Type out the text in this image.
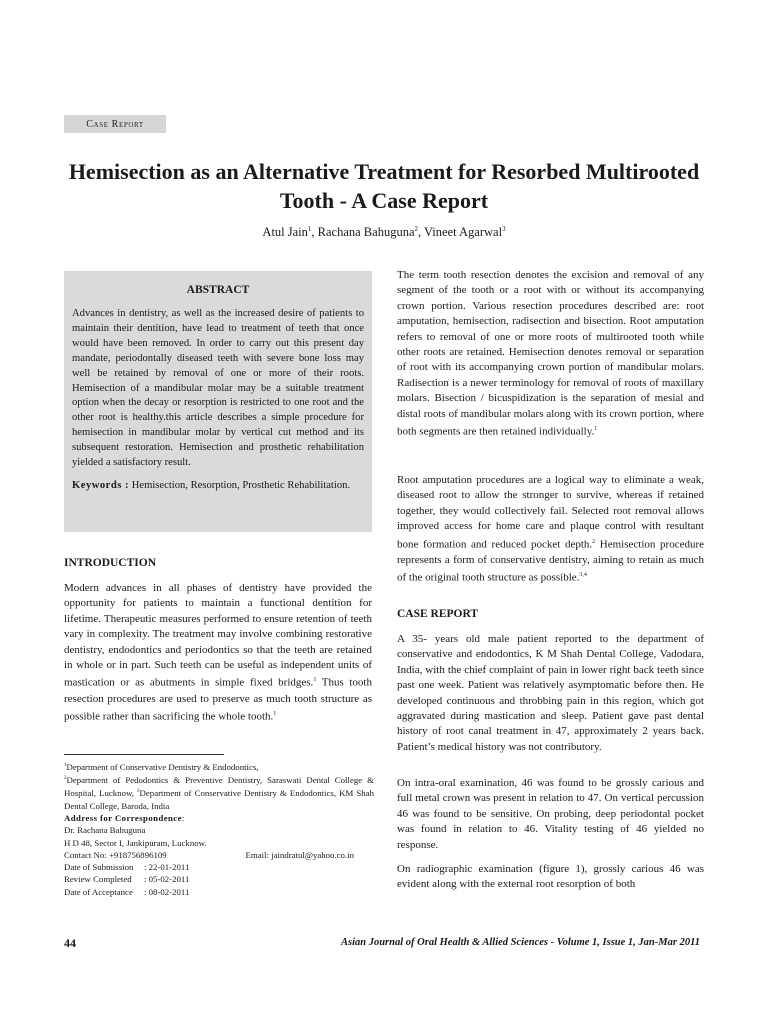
Case Report
Hemisection as an Alternative Treatment for Resorbed Multirooted Tooth - A Case Report
Atul Jain$^1$, Rachana Bahuguna$^2$, Vineet Agarwal$^3$
ABSTRACT

Advances in dentistry, as well as the increased desire of patients to maintain their dentition, have lead to treatment of teeth that once would have been removed. In order to carry out this present day mandate, periodontally diseased teeth with severe bone loss may well be retained by removal of one or more of their roots. Hemisection of a mandibular molar may be a suitable treatment option when the decay or resorption is restricted to one root and the other root is healthy.this article describes a simple procedure for hemisection in mandibular molar by vertical cut method and its subsequent restoration. Hemisection and prosthetic rehabilitation yielded a satisfactory result.

Keywords : Hemisection, Resorption, Prosthetic Rehabilitation.

INTRODUCTION

Modern advances in all phases of dentistry have provided the opportunity for patients to maintain a functional dentition for lifetime. Therapeutic measures performed to ensure retention of teeth vary in complexity. The treatment may involve combining restorative dentistry, endodontics and periodontics so that the teeth are retained in whole or in part. Such teeth can be useful as independent units of mastication or as abutments in simple fixed bridges.$^1$ Thus tooth resection procedures are used to preserve as much tooth structure as possible rather than sacrificing the whole tooth.$^1$

$^1$Department of Conservative Dentistry & Endodontics,
$^2$Department of Pedodontics & Preventive Dentistry, Saraswati Dental College & Hospital, Lucknow, $^3$Department of Conservative Dentistry & Endodontics, KM Shah Dental College, Baroda, India
Address for Correspondence:
Dr. Rachana Bahuguna
H D 48, Sector I, Jankipuram, Lucknow.
Contact No: +918756896109	Email: jaindratul@yahoo.co.in
Date of Submission	: 22-01-2011
Review Completed	: 05-02-2011
Date of Acceptance	: 08-02-2011

The term tooth resection denotes the excision and removal of any segment of the tooth or a root with or without its accompanying crown portion. Various resection procedures described are: root amputation, hemisection, radisection and bisection. Root amputation refers to removal of one or more roots of multirooted tooth while other roots are retained. Hemisection denotes removal or separation of root with its accompanying crown portion of mandibular molars. Radisection is a newer terminology for removal of roots of maxillary molars. Bisection / bicuspidization is the separation of mesial and distal roots of mandibular molars along with its crown portion, where both segments are then retained individually.$^1$

Root amputation procedures are a logical way to eliminate a weak, diseased root to allow the stronger to survive, whereas if retained together, they would collectively fail. Selected root removal allows improved access for home care and plaque control with resultant bone formation and reduced pocket depth.$^2$ Hemisection procedure represents a form of conservative dentistry, aiming to retain as much of the original tooth structure as possible.$^{3,4}$

CASE REPORT

A 35- years old male patient reported to the department of conservative and endodontics, K M Shah Dental College, Vadodara, India, with the chief complaint of pain in lower right back teeth since past one week. Patient was relatively asymptomatic before then. He developed continuous and throbbing pain in this region, which got aggravated during mastication and sleep. Patient gave past dental history of root canal treatment in 47, approximately 2 years back. Patient’s medical history was not contributory.

On intra-oral examination, 46 was found to be grossly carious and full metal crown was present in relation to 47. On vertical percussion 46 was found to be sensitive. On probing, deep periodontal pocket was found in relation to 46. Vitality testing of 46 yielded no response.

On radiographic examination (figure 1), grossly carious 46 was evident along with the external root resorption of both

44	Asian Journal of Oral Health & Allied Sciences - Volume 1, Issue 1, Jan-Mar 2011
